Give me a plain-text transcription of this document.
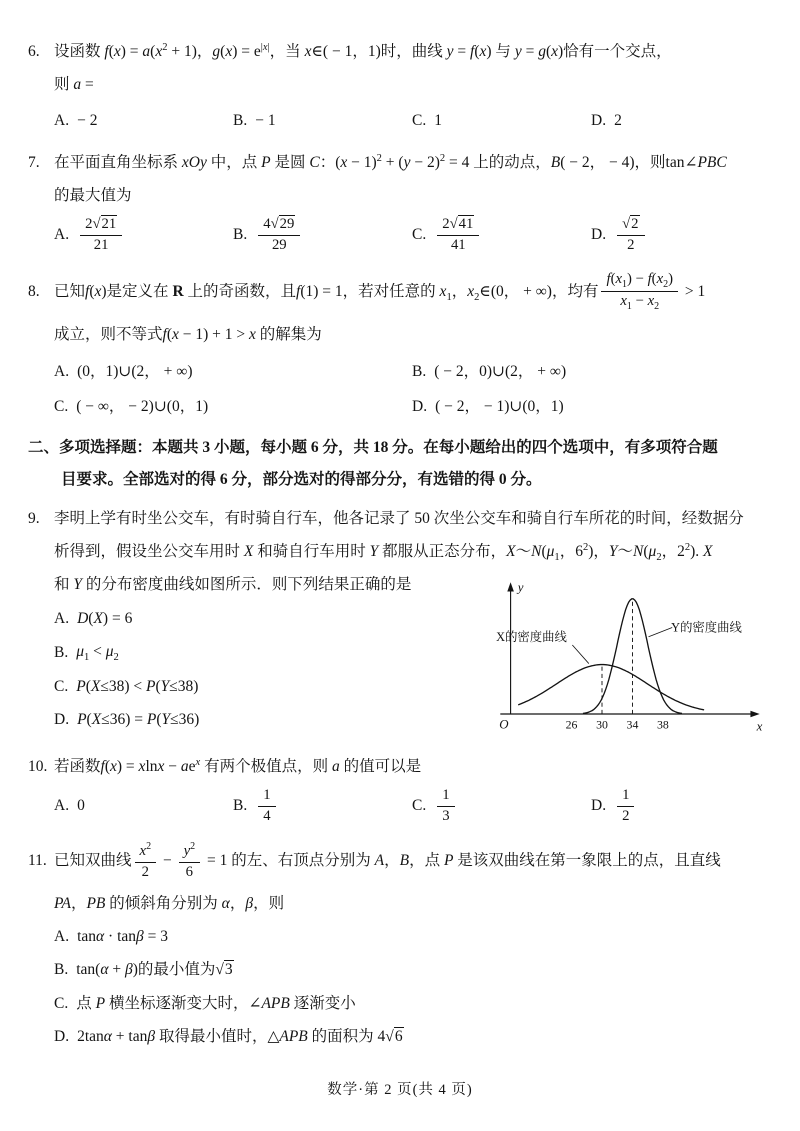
6. 设函数 $f(x) = a(x^2 + 1)$，$g(x) = e^{|x|}$，当 x∈( − 1，1)时，曲线 y = f(x) 与 y = g(x)恰有一个交点，
则 a =
A. − 2	B. − 1	C. 1	D. 2
7. 在平面直角坐标系 xOy 中，点 P 是圆 C：$(x - 1)^2 + (y - 2)^2 = 4$ 上的动点，B( − 2， − 4)，则tan∠PBC
的最大值为
A. $\frac{2√21}{21}$	B. $\frac{4√29}{29}$	C. $\frac{2√41}{41}$	D. $\frac{√2}{2}$
8. 已知f(x)是定义在 R 上的奇函数，且f(1) = 1，若对任意的 $x_1$，$x_2\in(0$， + ∞)，均有 $\frac{f(x_1) - f(x_2)}{x_1 - x_2} > 1$
成立，则不等式f(x − 1) + 1 > x 的解集为
A. (0，1)∪(2， + ∞)	B. ( − 2，0)∪(2， + ∞)
C. ( − ∞， − 2)∪(0，1)	D. ( − 2， − 1)∪(0，1)
二、多项选择题：本题共 3 小题，每小题 6 分，共 18 分。在每小题给出的四个选项中，有多项符合题
目要求。全部选对的得 6 分，部分选对的得部分分，有选错的得 0 分。
9. 李明上学有时坐公交车，有时骑自行车，他各记录了 50 次坐公交车和骑自行车所花的时间，经数据分
析得到，假设坐公交车用时 X 和骑自行车用时 Y 都服从正态分布，$X\sim N(\mu_1$，$6^2$)，$Y\sim N(\mu_2$，$2^2$). X
和 Y 的分布密度曲线如图所示．则下列结果正确的是
A. D(X) = 6
B. $\mu_1 < \mu_2$
C. P(X≤38) < P(Y≤38)
D. P(X≤36) = P(Y≤36)	O	x
y
X的密度曲线
Y的密度曲线
26 30 34 38
10. 若函数$f(x) = xlnx - ae^x$ 有两个极值点，则 a 的值可以是
A. 0	B. $\frac{1}{4}$	C. $\frac{1}{3}$	D. $\frac{1}{2}$
11. 已知双曲线 $\frac{x^2}{2} - \frac{y^2}{6} = 1$ 的左、右顶点分别为 A，B，点 P 是该双曲线在第一象限上的点，且直线
PA，PB 的倾斜角分别为 α，β，则
A. tanα · tanβ = 3
B. tan(α + β)的最小值为√3
C. 点 P 横坐标逐渐变大时，∠APB 逐渐变小
D. 2tanα + tanβ 取得最小值时，△APB 的面积为 4√6
数学·第 2 页(共 4 页)
